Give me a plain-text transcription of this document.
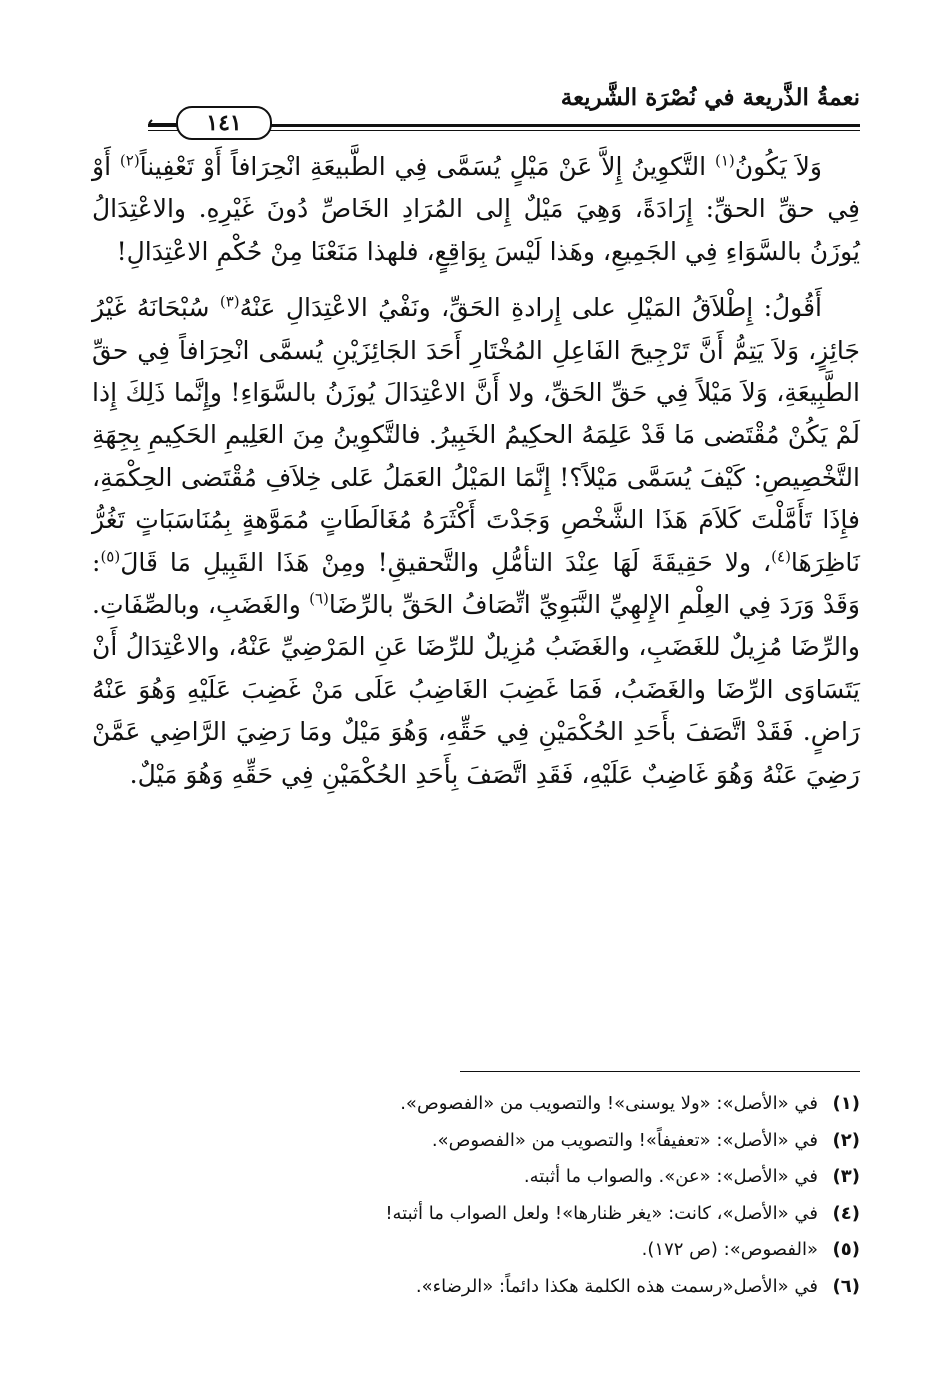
نعمةُ الذَّريعة في نُصْرَة الشَّريعة
١٤١

وَلاَ يَكُونُ$^{(١)}$ التَّكوِينُ إِلاَّ عَنْ مَيْلٍ يُسَمَّى فِي الطَّبيعَةِ انْحِرَافاً أَوْ تَعْفِيناً$^{(٢)}$ أَوْ فِي حقِّ الحقِّ: إِرَادَةً، وَهِيَ مَيْلٌ إِلى المُرَادِ الخَاصِّ دُونَ غَيْرِهِ. والاعْتِدَالُ يُوزَنُ بالسَّوَاءِ فِي الجَمِيعِ، وهَذا لَيْسَ بِوَاقِعٍ، فلهذا مَنَعْنَا مِنْ حُكْمِ الاعْتِدَالِ!

أَقُولُ: إِطْلاَقُ المَيْلِ على إِرادةِ الحَقِّ، ونَفْيُ الاعْتِدَالِ عَنْهُ$^{(٣)}$ سُبْحَانَهُ غَيْرُ جَائِزٍ، وَلاَ يَتِمُّ أَنَّ تَرْجِيحَ الفَاعِلِ المُخْتَارِ أَحَدَ الجَائِزَيْنِ يُسمَّى انْحِرَافاً فِي حقِّ الطَّبِيعَةِ، وَلاَ مَيْلاً فِي حَقِّ الحَقِّ، ولا أَنَّ الاعْتِدَالَ يُوزَنُ بالسَّوَاءِ! وإِنَّما ذَلِكَ إِذا لَمْ يَكُنْ مُقْتَضى مَا قَدْ عَلِمَهُ الحكِيمُ الخَبِيرُ. فالتَّكوِينُ مِنَ العَلِيمِ الحَكِيمِ بِجِهَةِ التَّخْصِيصِ: كَيْفَ يُسَمَّى مَيْلاً؟! إِنَّمَا المَيْلُ العَمَلُ عَلى خِلاَفِ مُقْتَضى الحِكْمَةِ، فإِذَا تَأَمَّلْتَ كَلاَمَ هَذَا الشَّخْصِ وَجَدْتَ أَكْثَرَهُ مُغَالَطَاتٍ مُمَوَّهةٍ بِمُنَاسَبَاتٍ تَغُرُّ نَاظِرَهَا$^{(٤)}$، ولا حَقِيقَةَ لَهَا عِنْدَ التأمُّلِ والتَّحقيقِ! ومِنْ هَذَا القَبِيلِ مَا قَالَ$^{(٥)}$: وَقَدْ وَرَدَ فِي العِلْمِ الإِلهِيِّ النَّبَوِيِّ اتِّصَافُ الحَقِّ بالرِّضَا$^{(٦)}$ والغَضَبِ، وبالصِّفَاتِ. والرِّضَا مُزِيلٌ للغَضَبِ، والغَضَبُ مُزِيلٌ للرِّضَا عَنِ المَرْضِيِّ عَنْهُ، والاعْتِدَالُ أَنْ يَتَسَاوَى الرِّضَا والغَضَبُ، فَمَا غَضِبَ الغَاضِبُ عَلَى مَنْ غَضِبَ عَلَيْهِ وَهُوَ عَنْهُ رَاضٍ. فَقَدْ اتَّصَفَ بأَحَدِ الحُكْمَيْنِ فِي حَقِّهِ، وَهُوَ مَيْلٌ ومَا رَضِيَ الرَّاضِي عَمَّنْ رَضِيَ عَنْهُ وَهُوَ غَاضِبٌ عَلَيْهِ، فَقَدِ اتَّصَفَ بِأَحَدِ الحُكْمَيْنِ فِي حَقِّهِ وَهُوَ مَيْلٌ.

(١)
في «الأصل»: «ولا يوسنى»! والتصويب من «الفصوص».
(٢)
في «الأصل»: «تعفيفاً»! والتصويب من «الفصوص».
(٣)
في «الأصل»: «عن». والصواب ما أثبته.
(٤)
في «الأصل»، كانت: «يغر ظنارها»! ولعل الصواب ما أثبته!
(٥)
«الفصوص»: (ص ١٧٢).
(٦)
في «الأصل«رسمت هذه الكلمة هكذا دائماً: «الرضاء».
